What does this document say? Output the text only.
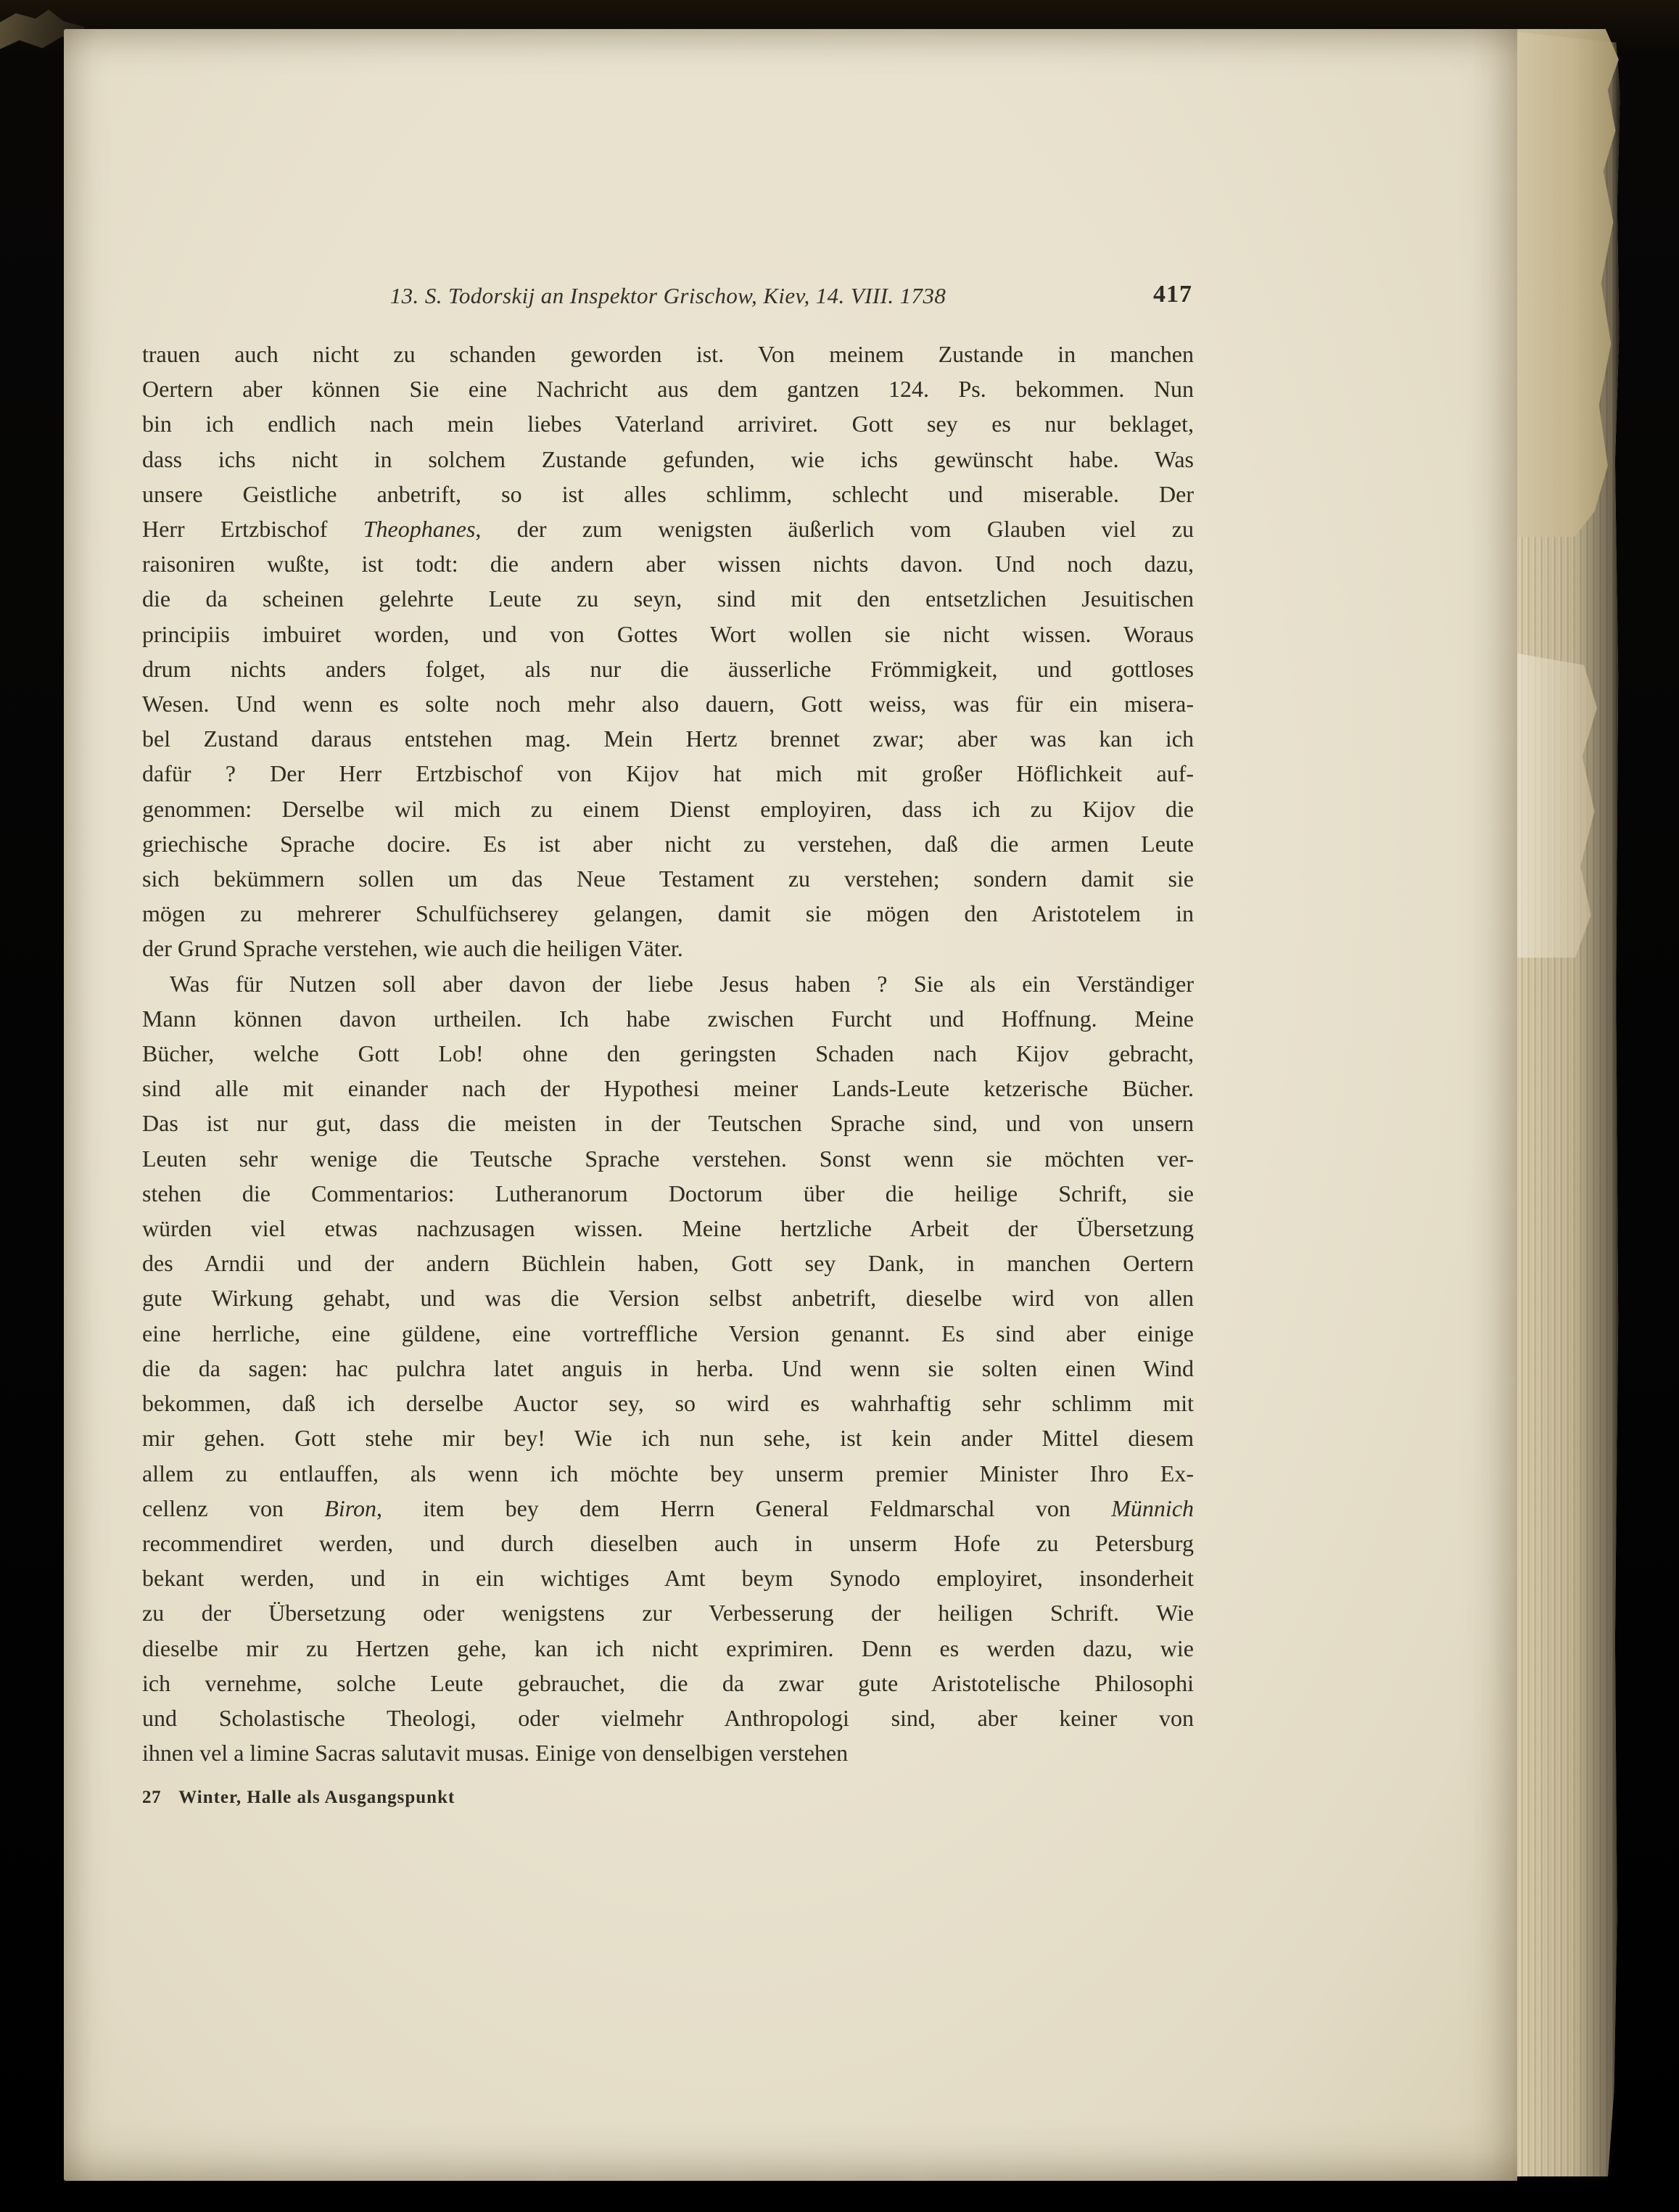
13. S. Todorskij an Inspektor Grischow, Kiev, 14. VIII. 1738	417
trauen auch nicht zu schanden geworden ist. Von meinem Zustande in manchen
Oertern aber können Sie eine Nachricht aus dem gantzen 124. Ps. bekommen. Nun
bin ich endlich nach mein liebes Vaterland arriviret. Gott sey es nur beklaget,
dass ichs nicht in solchem Zustande gefunden, wie ichs gewünscht habe. Was
unsere Geistliche anbetrift, so ist alles schlimm, schlecht und miserable. Der
Herr Ertzbischof Theophanes, der zum wenigsten äußerlich vom Glauben viel zu
raisoniren wußte, ist todt: die andern aber wissen nichts davon. Und noch dazu,
die da scheinen gelehrte Leute zu seyn, sind mit den entsetzlichen Jesuitischen
principiis imbuiret worden, und von Gottes Wort wollen sie nicht wissen. Woraus
drum nichts anders folget, als nur die äusserliche Frömmigkeit, und gottloses
Wesen. Und wenn es solte noch mehr also dauern, Gott weiss, was für ein misera-
bel Zustand daraus entstehen mag. Mein Hertz brennet zwar; aber was kan ich
dafür ? Der Herr Ertzbischof von Kijov hat mich mit großer Höflichkeit auf-
genommen: Derselbe wil mich zu einem Dienst employiren, dass ich zu Kijov die
griechische Sprache docire. Es ist aber nicht zu verstehen, daß die armen Leute
sich bekümmern sollen um das Neue Testament zu verstehen; sondern damit sie
mögen zu mehrerer Schulfüchserey gelangen, damit sie mögen den Aristotelem in
der Grund Sprache verstehen, wie auch die heiligen Väter.
Was für Nutzen soll aber davon der liebe Jesus haben ? Sie als ein Verständiger
Mann können davon urtheilen. Ich habe zwischen Furcht und Hoffnung. Meine
Bücher, welche Gott Lob! ohne den geringsten Schaden nach Kijov gebracht,
sind alle mit einander nach der Hypothesi meiner Lands-Leute ketzerische Bücher.
Das ist nur gut, dass die meisten in der Teutschen Sprache sind, und von unsern
Leuten sehr wenige die Teutsche Sprache verstehen. Sonst wenn sie möchten ver-
stehen die Commentarios: Lutheranorum Doctorum über die heilige Schrift, sie
würden viel etwas nachzusagen wissen. Meine hertzliche Arbeit der Übersetzung
des Arndii und der andern Büchlein haben, Gott sey Dank, in manchen Oertern
gute Wirkung gehabt, und was die Version selbst anbetrift, dieselbe wird von allen
eine herrliche, eine güldene, eine vortreffliche Version genannt. Es sind aber einige
die da sagen: hac pulchra latet anguis in herba. Und wenn sie solten einen Wind
bekommen, daß ich derselbe Auctor sey, so wird es wahrhaftig sehr schlimm mit
mir gehen. Gott stehe mir bey! Wie ich nun sehe, ist kein ander Mittel diesem
allem zu entlauffen, als wenn ich möchte bey unserm premier Minister Ihro Ex-
cellenz von Biron, item bey dem Herrn General Feldmarschal von Münnich
recommendiret werden, und durch dieselben auch in unserm Hofe zu Petersburg
bekant werden, und in ein wichtiges Amt beym Synodo employiret, insonderheit
zu der Übersetzung oder wenigstens zur Verbesserung der heiligen Schrift. Wie
dieselbe mir zu Hertzen gehe, kan ich nicht exprimiren. Denn es werden dazu, wie
ich vernehme, solche Leute gebrauchet, die da zwar gute Aristotelische Philosophi
und Scholastische Theologi, oder vielmehr Anthropologi sind, aber keiner von
ihnen vel a limine Sacras salutavit musas. Einige von denselbigen verstehen
27 Winter, Halle als Ausgangspunkt
